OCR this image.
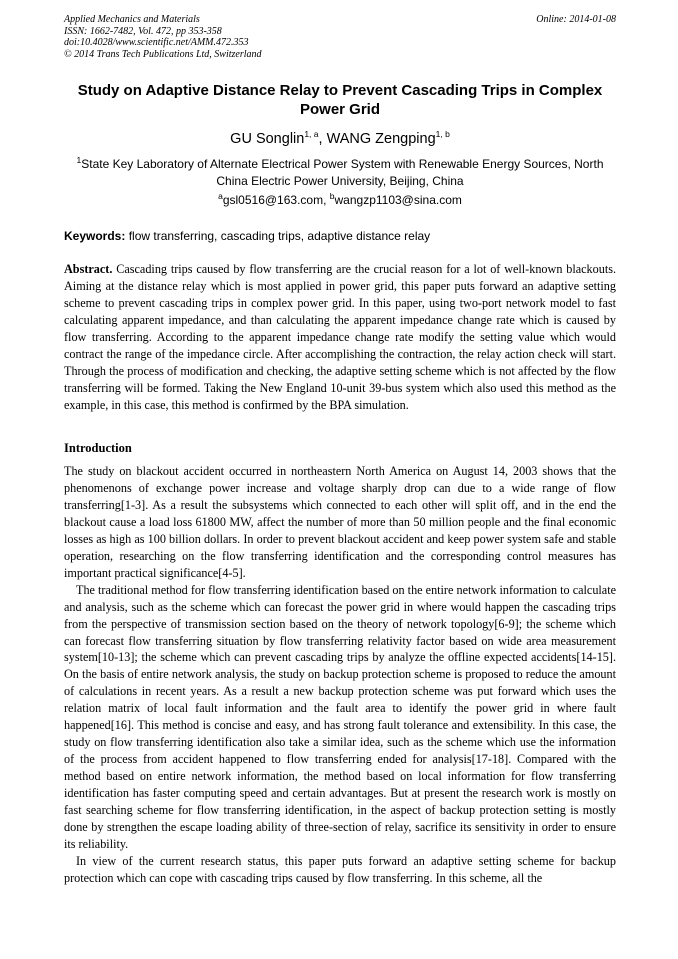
Applied Mechanics and Materials
ISSN: 1662-7482, Vol. 472, pp 353-358
doi:10.4028/www.scientific.net/AMM.472.353
© 2014 Trans Tech Publications Ltd, Switzerland
Online: 2014-01-08
Study on Adaptive Distance Relay to Prevent Cascading Trips in Complex Power Grid
GU Songlin$^{1, a}$, WANG Zengping$^{1, b}$
$^1$State Key Laboratory of Alternate Electrical Power System with Renewable Energy Sources, North China Electric Power University, Beijing, China
$^a$gsl0516@163.com, $^b$wangzp1103@sina.com
Keywords: flow transferring, cascading trips, adaptive distance relay

Abstract. Cascading trips caused by flow transferring are the crucial reason for a lot of well-known blackouts. Aiming at the distance relay which is most applied in power grid, this paper puts forward an adaptive setting scheme to prevent cascading trips in complex power grid. In this paper, using two-port network model to fast calculating apparent impedance, and than calculating the apparent impedance change rate which is caused by flow transferring. According to the apparent impedance change rate modify the setting value which would contract the range of the impedance circle. After accomplishing the contraction, the relay action check will start. Through the process of modification and checking, the adaptive setting scheme which is not affected by the flow transferring will be formed. Taking the New England 10-unit 39-bus system which also used this method as the example, in this case, this method is confirmed by the BPA simulation.

Introduction

The study on blackout accident occurred in northeastern North America on August 14, 2003 shows that the phenomenons of exchange power increase and voltage sharply drop can due to a wide range of flow transferring[1-3]. As a result the subsystems which connected to each other will split off, and in the end the blackout cause a load loss 61800 MW, affect the number of more than 50 million people and the final economic losses as high as 100 billion dollars. In order to prevent blackout accident and keep power system safe and stable operation, researching on the flow transferring identification and the corresponding control measures has important practical significance[4-5].

The traditional method for flow transferring identification based on the entire network information to calculate and analysis, such as the scheme which can forecast the power grid in where would happen the cascading trips from the perspective of transmission section based on the theory of network topology[6-9]; the scheme which can forecast flow transferring situation by flow transferring relativity factor based on wide area measurement system[10-13]; the scheme which can prevent cascading trips by analyze the offline expected accidents[14-15]. On the basis of entire network analysis, the study on backup protection scheme is proposed to reduce the amount of calculations in recent years. As a result a new backup protection scheme was put forward which uses the relation matrix of local fault information and the fault area to identify the power grid in where fault happened[16]. This method is concise and easy, and has strong fault tolerance and extensibility. In this case, the study on flow transferring identification also take a similar idea, such as the scheme which use the information of the process from accident happened to flow transferring ended for analysis[17-18]. Compared with the method based on entire network information, the method based on local information for flow transferring identification has faster computing speed and certain advantages. But at present the research work is mostly on fast searching scheme for flow transferring identification, in the aspect of backup protection setting is mostly done by strengthen the escape loading ability of three-section of relay, sacrifice its sensitivity in order to ensure its reliability.

In view of the current research status, this paper puts forward an adaptive setting scheme for backup protection which can cope with cascading trips caused by flow transferring. In this scheme, all the
